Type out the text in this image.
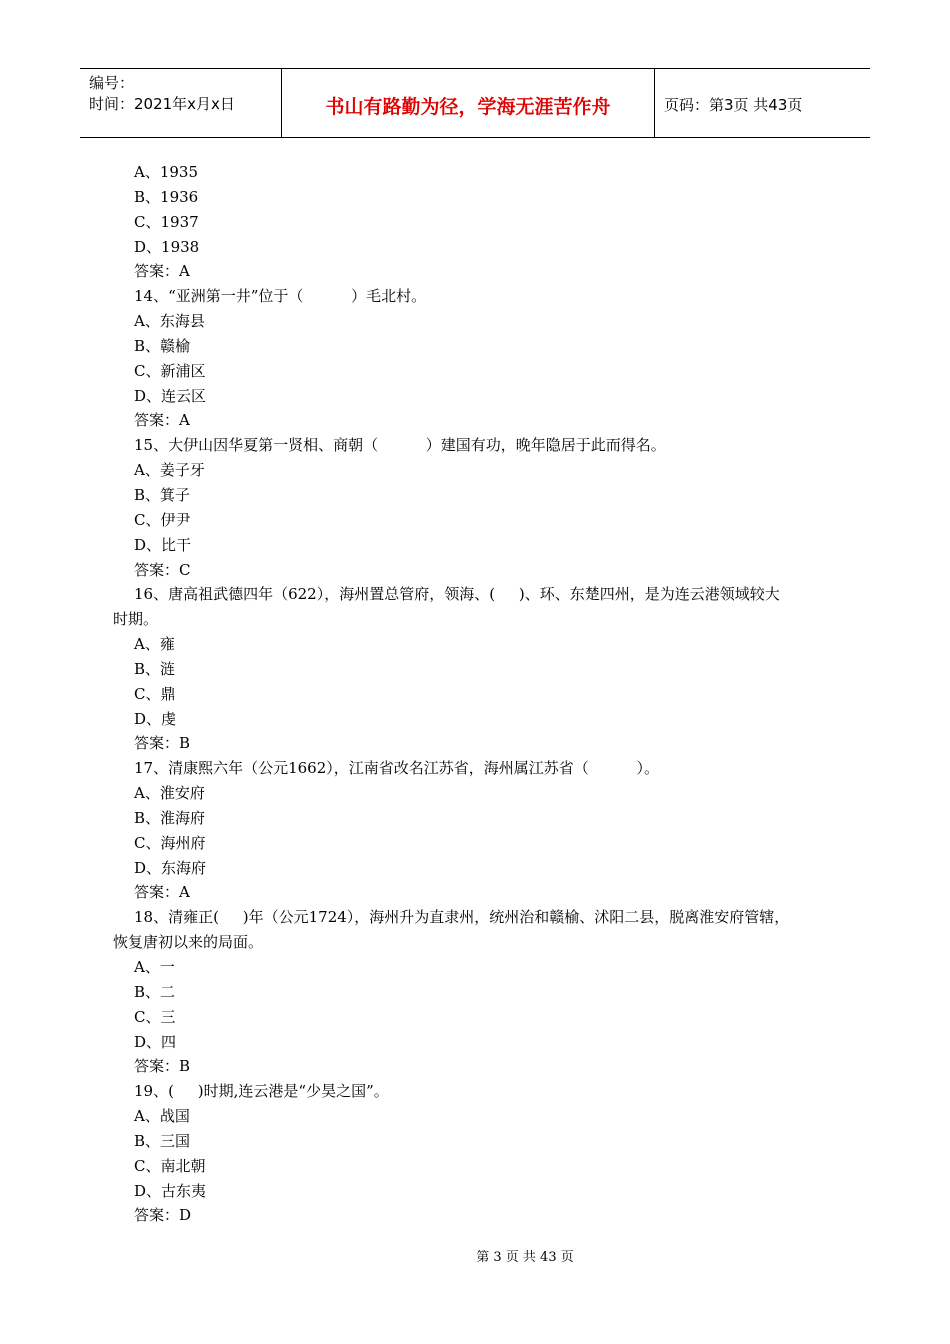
编号：
时间：2021年x月x日	书山有路勤为径，学海无涯苦作舟	页码：第3页 共43页
A、1935
B、1936
C、1937
D、1938
答案：A
14、“亚洲第一井”位于（          ）毛北村。
A、东海县
B、赣榆
C、新浦区
D、连云区
答案：A
15、大伊山因华夏第一贤相、商朝（          ）建国有功，晚年隐居于此而得名。
A、姜子牙
B、箕子
C、伊尹
D、比干
答案：C
16、唐高祖武德四年（622），海州置总管府，领海、(     )、环、东楚四州，是为连云港领域较大
时期。
A、雍
B、涟
C、鼎
D、虔
答案：B
17、清康熙六年（公元1662），江南省改名江苏省，海州属江苏省（          ）。
A、淮安府
B、淮海府
C、海州府
D、东海府
答案：A
18、清雍正(     )年（公元1724），海州升为直隶州，统州治和赣榆、沭阳二县，脱离淮安府管辖，
恢复唐初以来的局面。
A、一
B、二
C、三
D、四
答案：B
19、(     )时期,连云港是“少昊之国”。
A、战国
B、三国
C、南北朝
D、古东夷
答案：D
第 3 页 共 43 页
